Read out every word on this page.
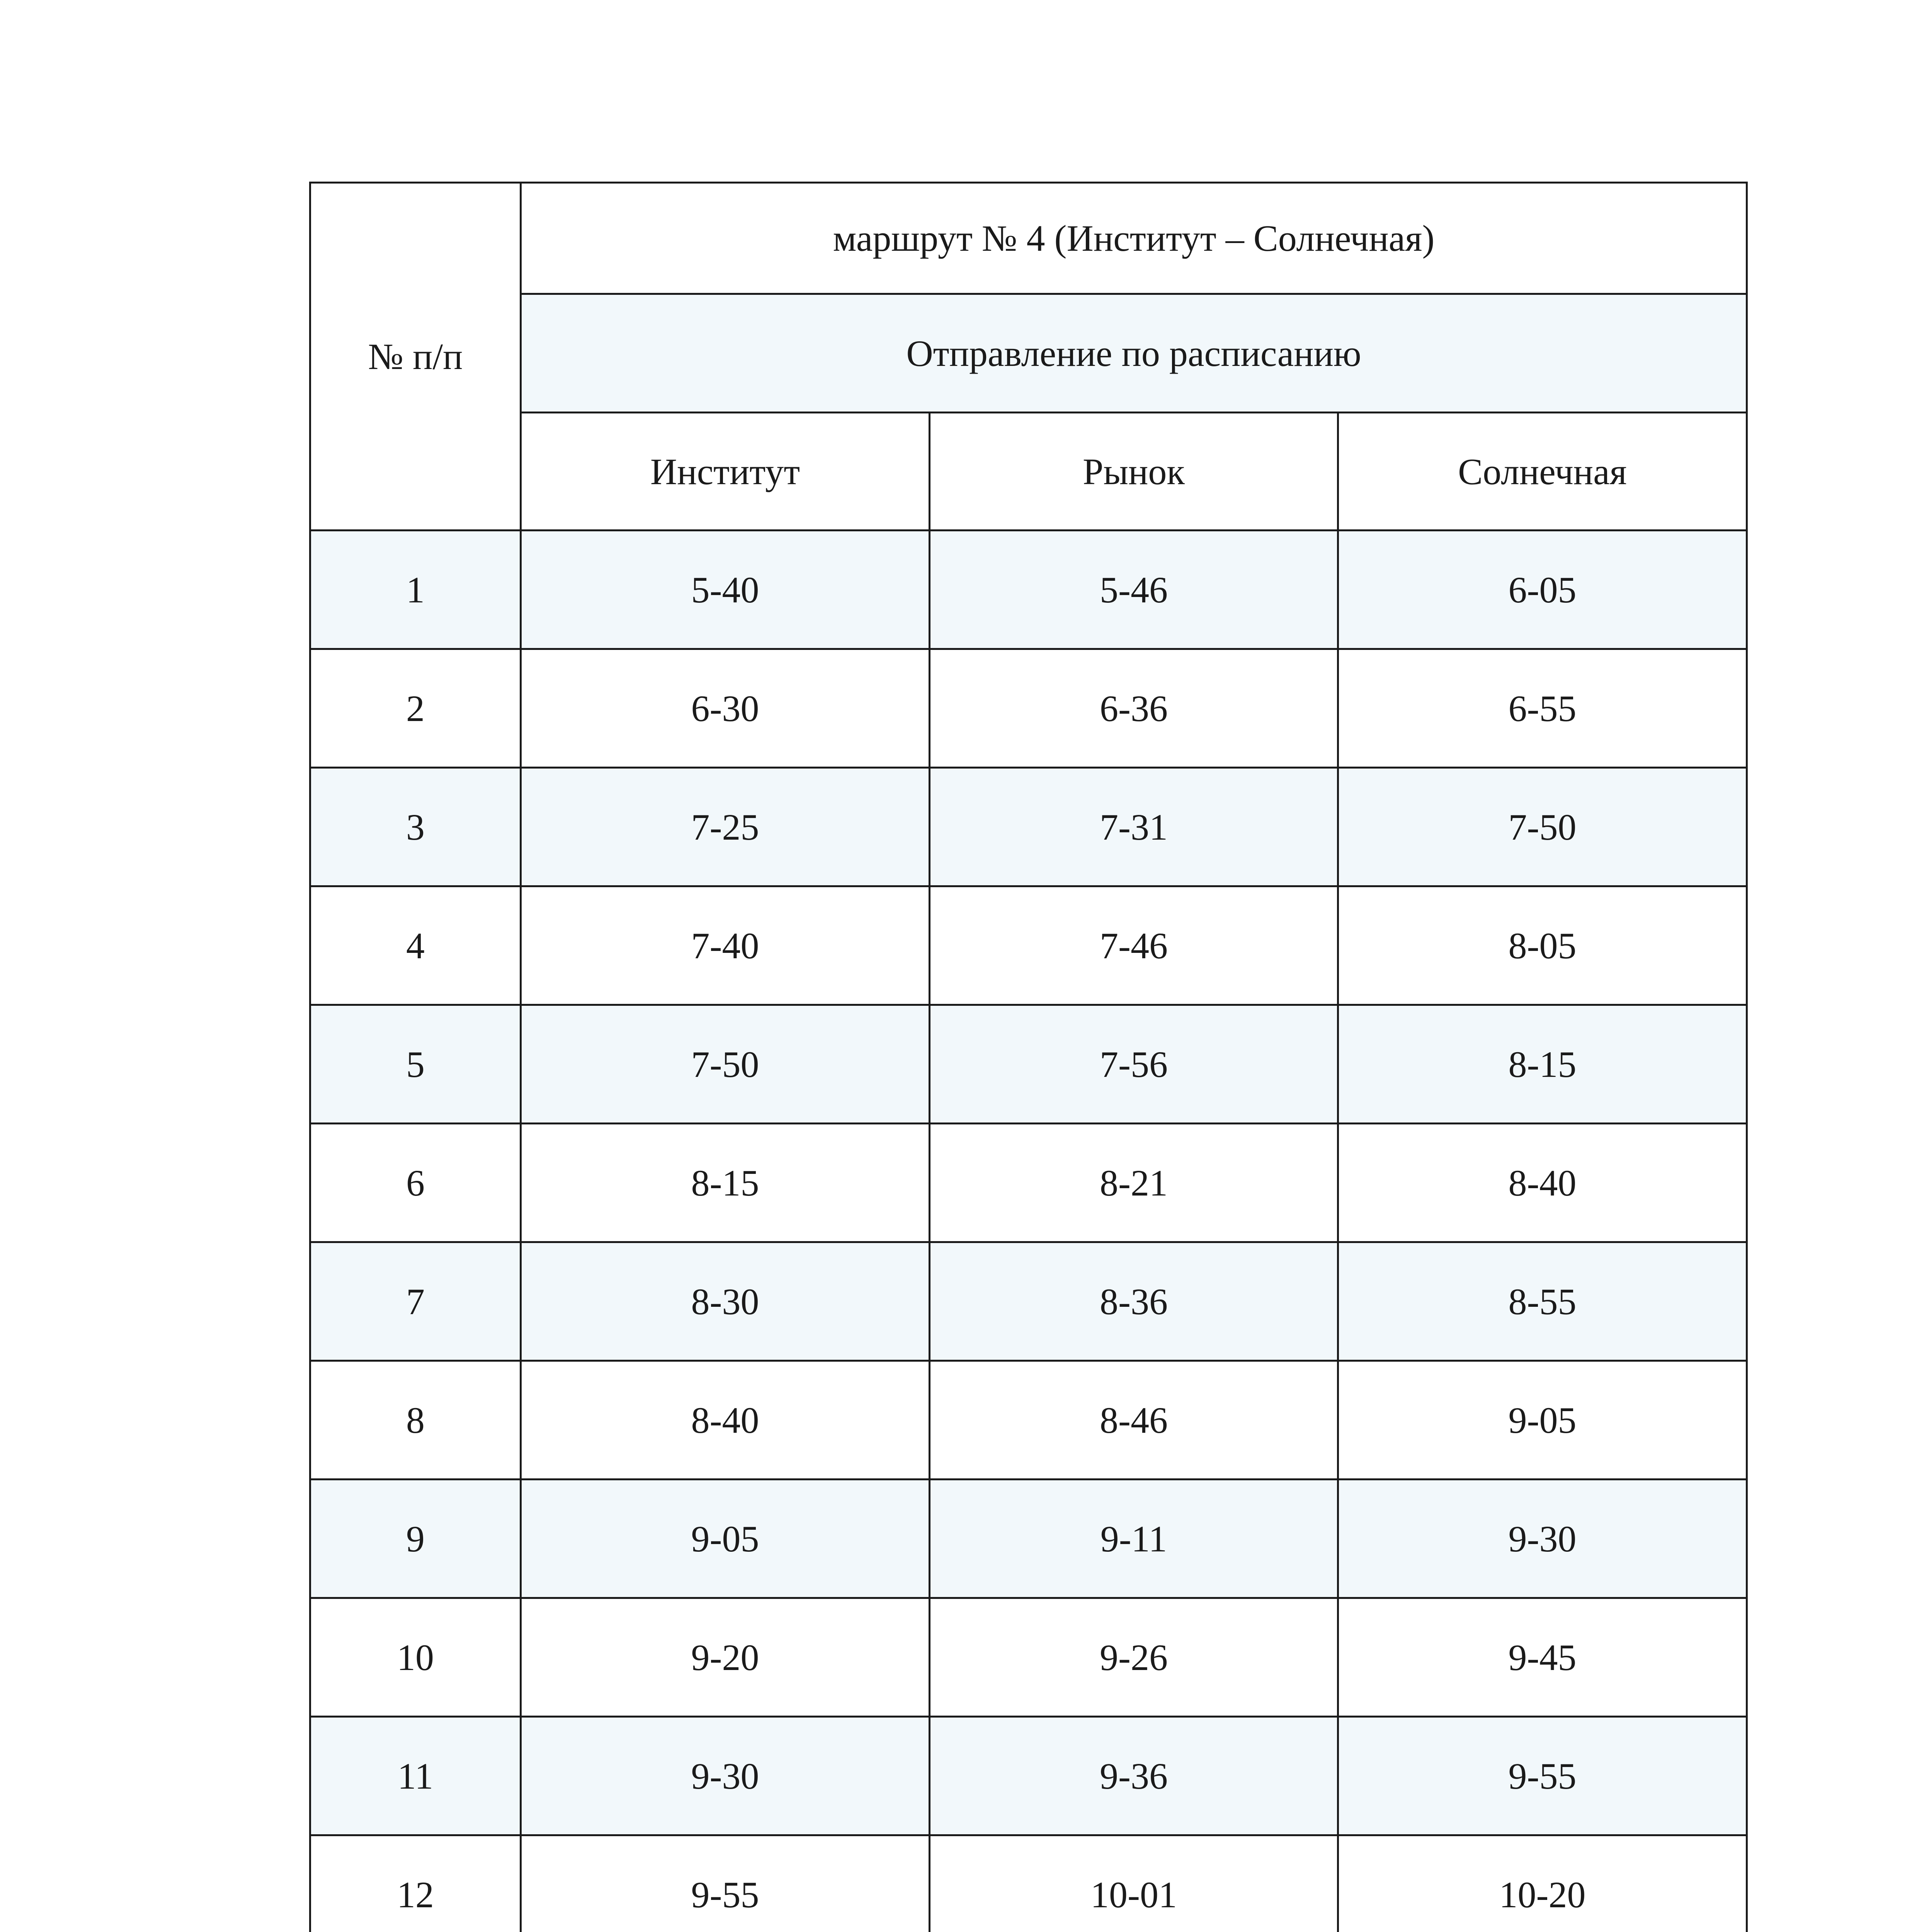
№ п/п	маршрут № 4 (Институт – Солнечная)		
	Отправление по расписанию		
	Институт	Рынок	Солнечная
1	5-40	5-46	6-05
2	6-30	6-36	6-55
3	7-25	7-31	7-50
4	7-40	7-46	8-05
5	7-50	7-56	8-15
6	8-15	8-21	8-40
7	8-30	8-36	8-55
8	8-40	8-46	9-05
9	9-05	9-11	9-30
10	9-20	9-26	9-45
11	9-30	9-36	9-55
12	9-55	10-01	10-20
